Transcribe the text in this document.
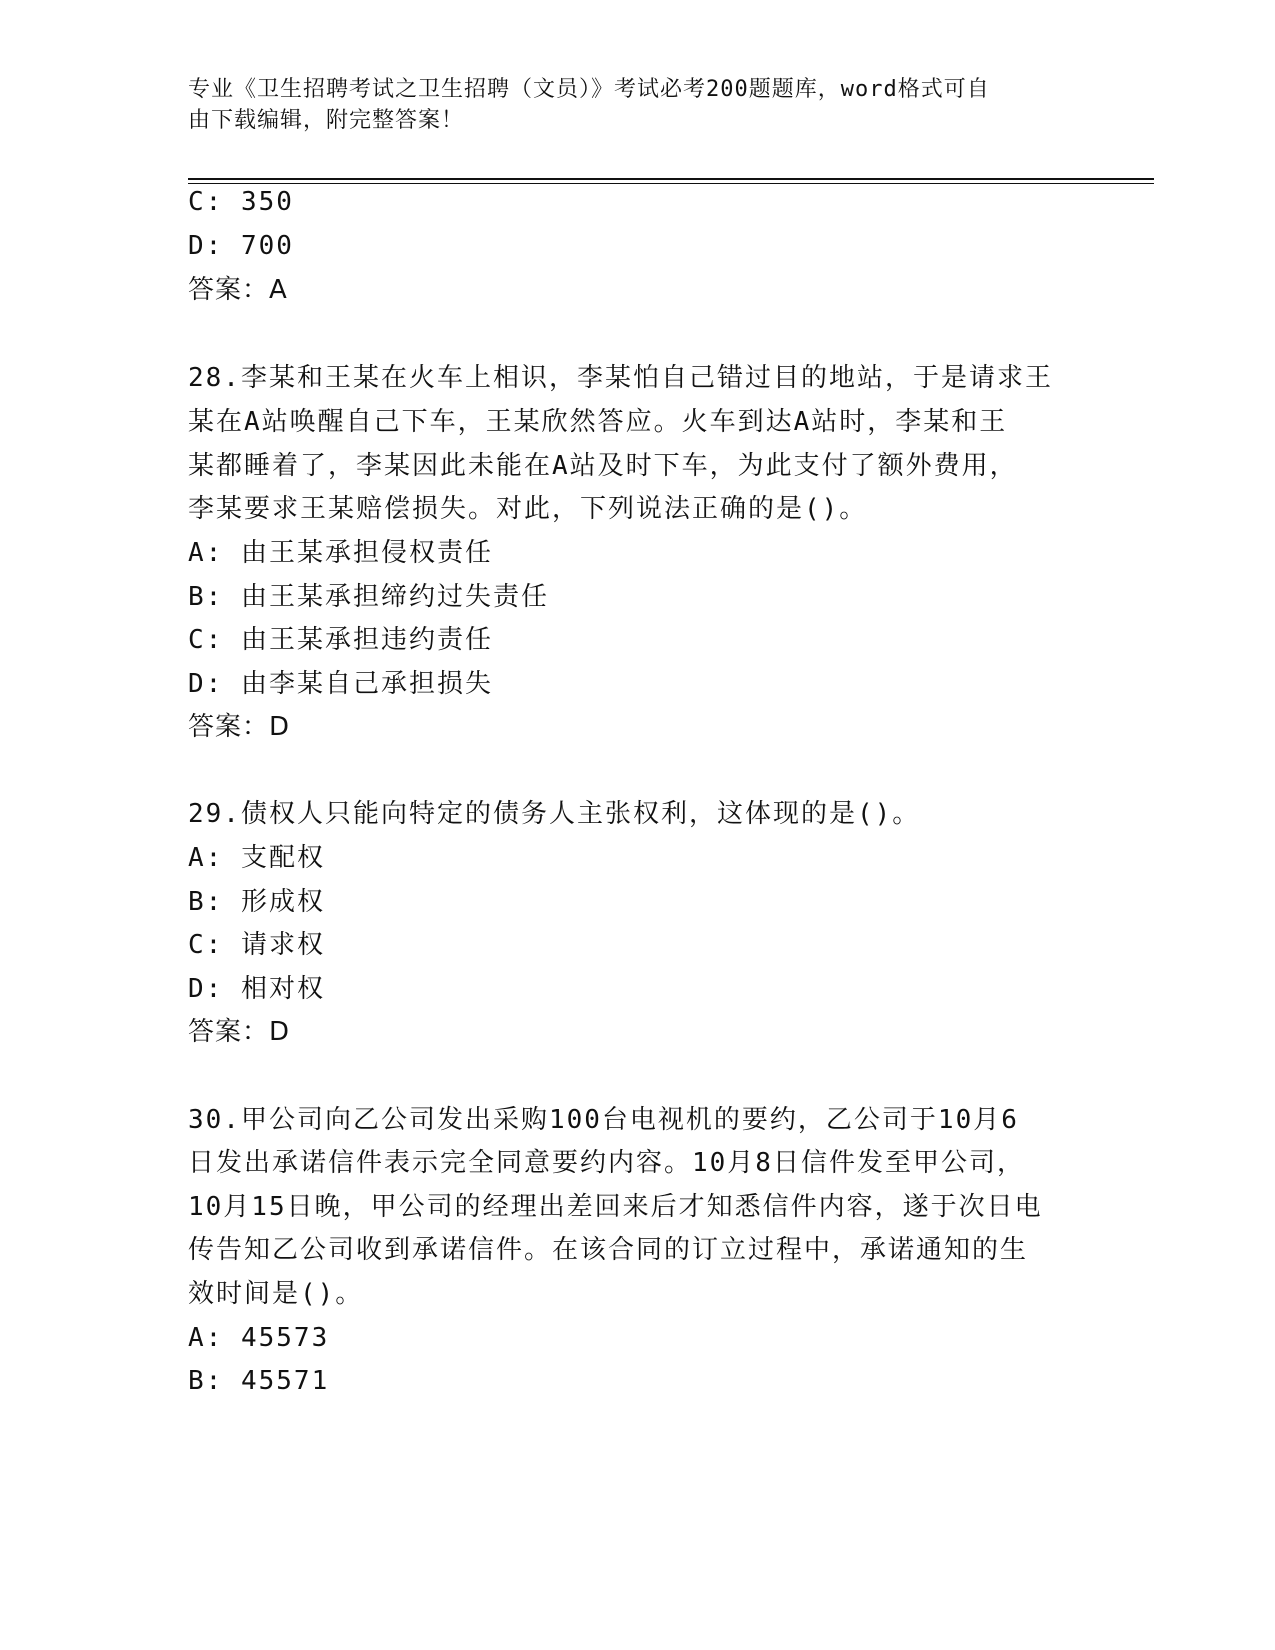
专业《卫生招聘考试之卫生招聘（文员）》考试必考200题题库，word格式可自
由下载编辑，附完整答案！
C: 350
D: 700
答案：A
28.李某和王某在火车上相识，李某怕自己错过目的地站，于是请求王
某在A站唤醒自己下车，王某欣然答应。火车到达A站时，李某和王
某都睡着了，李某因此未能在A站及时下车，为此支付了额外费用，
李某要求王某赔偿损失。对此，下列说法正确的是()。
A: 由王某承担侵权责任
B: 由王某承担缔约过失责任
C: 由王某承担违约责任
D: 由李某自己承担损失
答案：D
29.债权人只能向特定的债务人主张权利，这体现的是()。
A: 支配权
B: 形成权
C: 请求权
D: 相对权
答案：D
30.甲公司向乙公司发出采购100台电视机的要约，乙公司于10月6
日发出承诺信件表示完全同意要约内容。10月8日信件发至甲公司，
10月15日晚，甲公司的经理出差回来后才知悉信件内容，遂于次日电
传告知乙公司收到承诺信件。在该合同的订立过程中，承诺通知的生
效时间是()。
A: 45573
B: 45571
